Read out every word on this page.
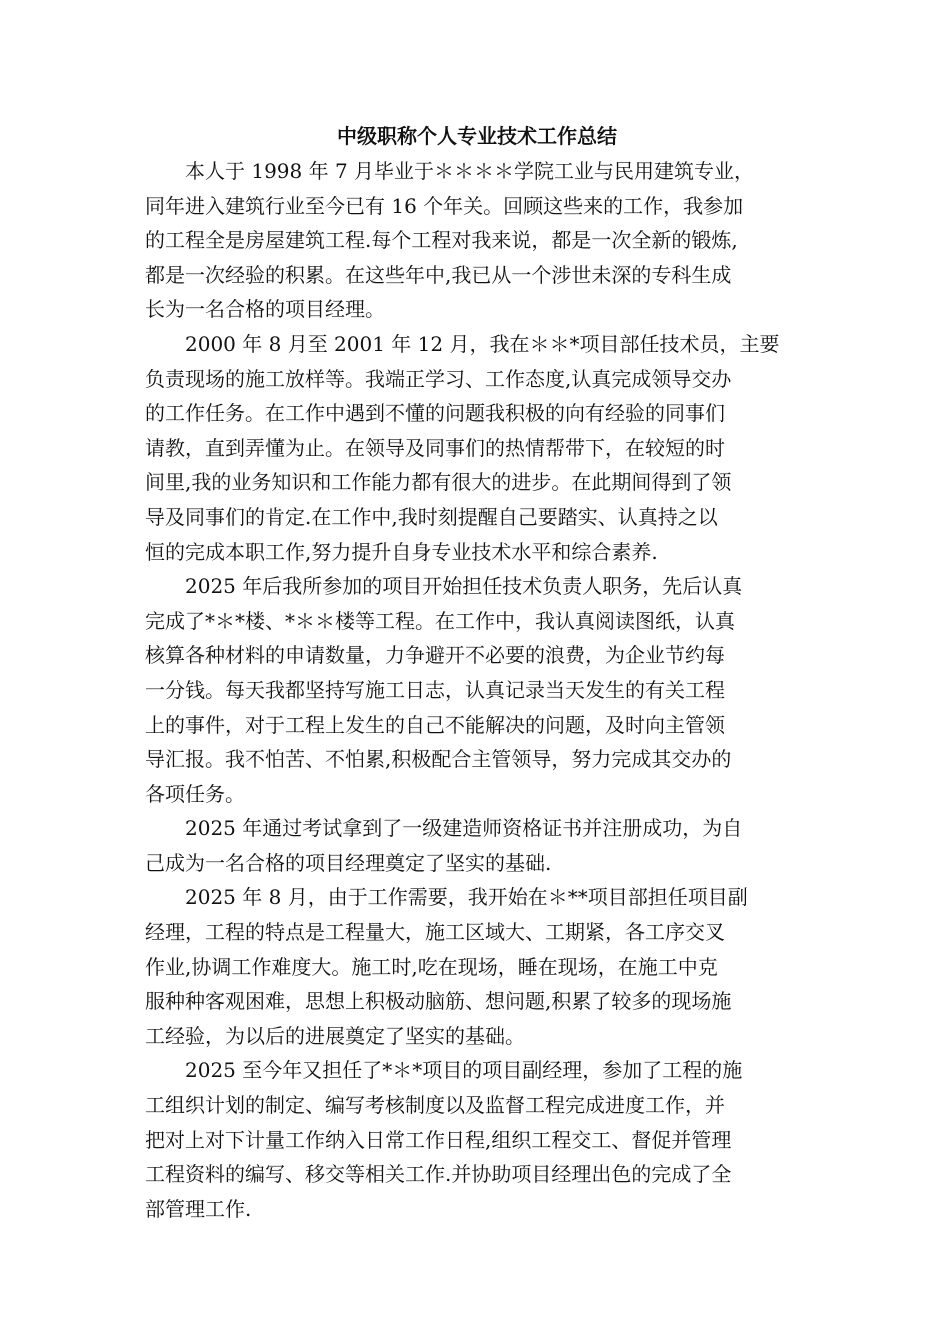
中级职称个人专业技术工作总结
本人于 1998 年 7 月毕业于＊＊＊＊学院工业与民用建筑专业，
同年进入建筑行业至今已有 16 个年关。回顾这些来的工作，我参加
的工程全是房屋建筑工程.每个工程对我来说，都是一次全新的锻炼,
都是一次经验的积累。在这些年中,我已从一个涉世未深的专科生成
长为一名合格的项目经理。
2000 年 8 月至 2001 年 12 月，我在＊＊*项目部任技术员，主要
负责现场的施工放样等。我端正学习、工作态度,认真完成领导交办
的工作任务。在工作中遇到不懂的问题我积极的向有经验的同事们
请教，直到弄懂为止。在领导及同事们的热情帮带下，在较短的时
间里,我的业务知识和工作能力都有很大的进步。在此期间得到了领
导及同事们的肯定.在工作中,我时刻提醒自己要踏实、认真持之以
恒的完成本职工作,努力提升自身专业技术水平和综合素养.
2025 年后我所参加的项目开始担任技术负责人职务，先后认真
完成了*＊*楼、*＊＊楼等工程。在工作中，我认真阅读图纸，认真
核算各种材料的申请数量，力争避开不必要的浪费，为企业节约每
一分钱。每天我都坚持写施工日志，认真记录当天发生的有关工程
上的事件，对于工程上发生的自己不能解决的问题，及时向主管领
导汇报。我不怕苦、不怕累,积极配合主管领导，努力完成其交办的
各项任务。
2025 年通过考试拿到了一级建造师资格证书并注册成功，为自
己成为一名合格的项目经理奠定了坚实的基础.
2025 年 8 月，由于工作需要，我开始在＊**项目部担任项目副
经理，工程的特点是工程量大，施工区域大、工期紧，各工序交叉
作业,协调工作难度大。施工时,吃在现场，睡在现场，在施工中克
服种种客观困难，思想上积极动脑筋、想问题,积累了较多的现场施
工经验，为以后的进展奠定了坚实的基础。
2025 至今年又担任了*＊*项目的项目副经理，参加了工程的施
工组织计划的制定、编写考核制度以及监督工程完成进度工作，并
把对上对下计量工作纳入日常工作日程,组织工程交工、督促并管理
工程资料的编写、移交等相关工作.并协助项目经理出色的完成了全
部管理工作.
